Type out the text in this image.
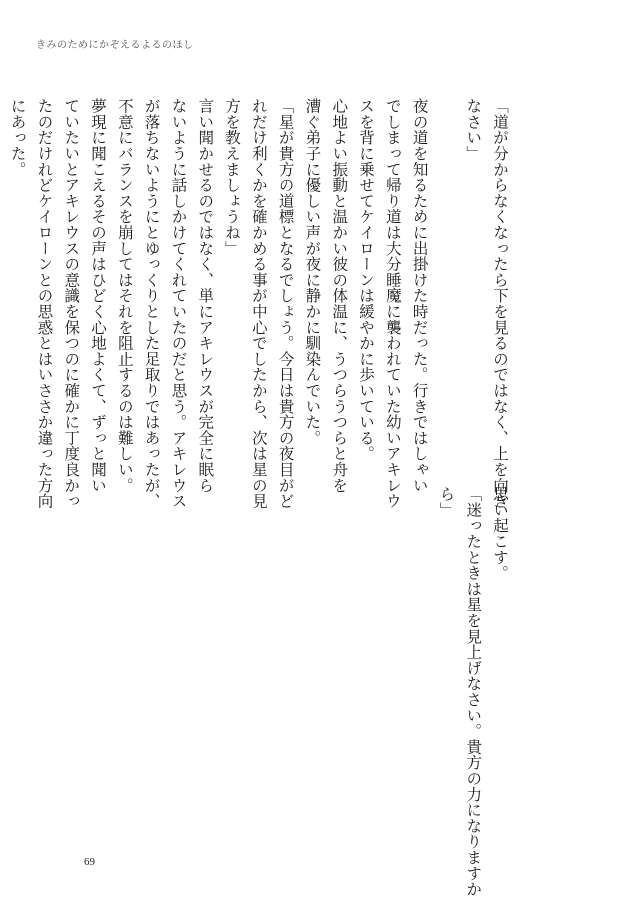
きみのためにかぞえるよるのほし
「道が分からなくなったら下を見るのではなく、上を向き
なさい」

夜の道を知るために出掛けた時だった。行きではしゃい
でしまって帰り道は大分睡魔に襲われていた幼いアキレウ
スを背に乗せてケイローンは緩やかに歩いている。
心地よい振動と温かい彼の体温に、うつらうつらと舟を
漕ぐ弟子に優しい声が夜に静かに馴染んでいた。
「星が貴方の道標となるでしょう。今日は貴方の夜目がど
れだけ利くかを確かめる事が中心でしたから、次は星の見
方を教えましょうね」
言い聞かせるのではなく、単にアキレウスが完全に眠ら
ないように話しかけてくれていたのだと思う。アキレウス
が落ちないようにとゆっくりとした足取りではあったが、
不意にバランスを崩してはそれを阻止するのは難しい。
夢現に聞こえるその声はひどく心地よくて、ずっと聞い
ていたいとアキレウスの意識を保つのに確かに丁度良かっ
たのだけれどケイローンとの思惑とはいささか違った方向
にあった。
思い起こす。
「迷ったときは星を見上げなさい。貴方の力になりますか
ら」
69
